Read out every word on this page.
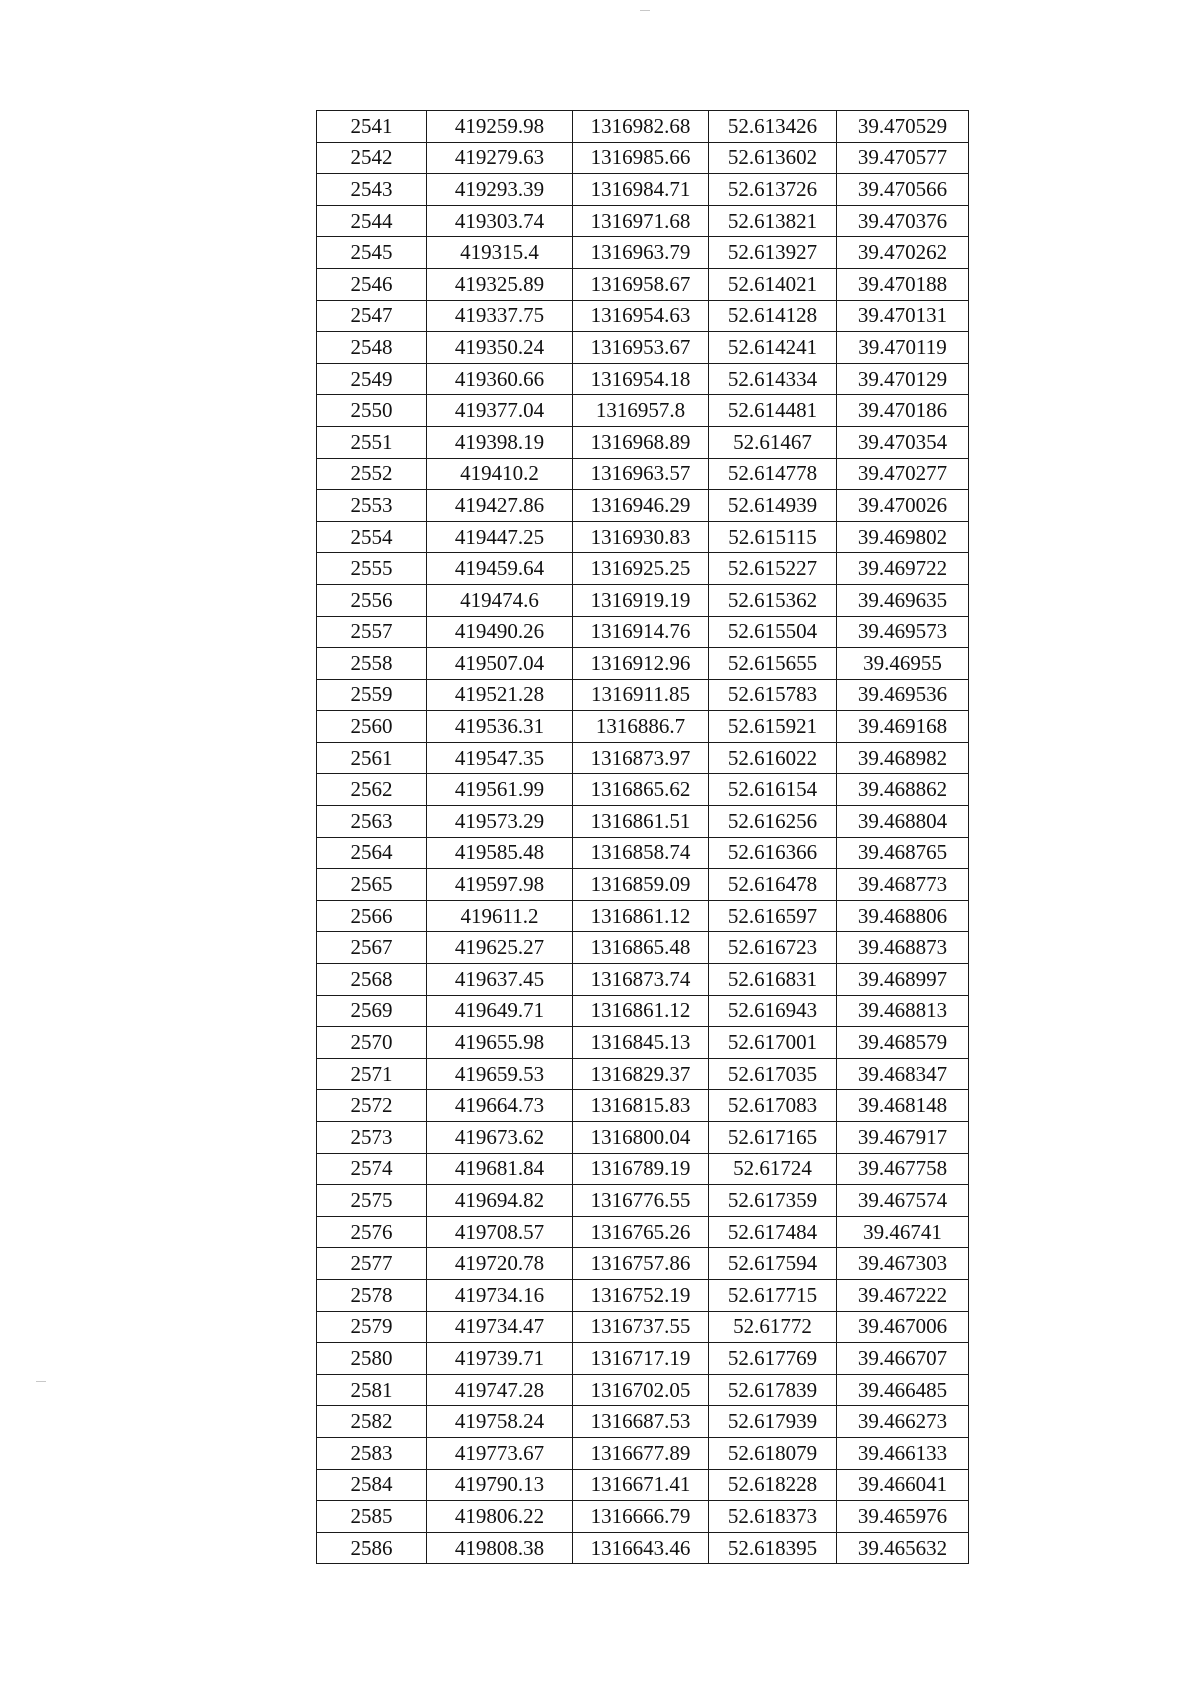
2541	419259.98	1316982.68	52.613426	39.470529
2542	419279.63	1316985.66	52.613602	39.470577
2543	419293.39	1316984.71	52.613726	39.470566
2544	419303.74	1316971.68	52.613821	39.470376
2545	419315.4	1316963.79	52.613927	39.470262
2546	419325.89	1316958.67	52.614021	39.470188
2547	419337.75	1316954.63	52.614128	39.470131
2548	419350.24	1316953.67	52.614241	39.470119
2549	419360.66	1316954.18	52.614334	39.470129
2550	419377.04	1316957.8	52.614481	39.470186
2551	419398.19	1316968.89	52.61467	39.470354
2552	419410.2	1316963.57	52.614778	39.470277
2553	419427.86	1316946.29	52.614939	39.470026
2554	419447.25	1316930.83	52.615115	39.469802
2555	419459.64	1316925.25	52.615227	39.469722
2556	419474.6	1316919.19	52.615362	39.469635
2557	419490.26	1316914.76	52.615504	39.469573
2558	419507.04	1316912.96	52.615655	39.46955
2559	419521.28	1316911.85	52.615783	39.469536
2560	419536.31	1316886.7	52.615921	39.469168
2561	419547.35	1316873.97	52.616022	39.468982
2562	419561.99	1316865.62	52.616154	39.468862
2563	419573.29	1316861.51	52.616256	39.468804
2564	419585.48	1316858.74	52.616366	39.468765
2565	419597.98	1316859.09	52.616478	39.468773
2566	419611.2	1316861.12	52.616597	39.468806
2567	419625.27	1316865.48	52.616723	39.468873
2568	419637.45	1316873.74	52.616831	39.468997
2569	419649.71	1316861.12	52.616943	39.468813
2570	419655.98	1316845.13	52.617001	39.468579
2571	419659.53	1316829.37	52.617035	39.468347
2572	419664.73	1316815.83	52.617083	39.468148
2573	419673.62	1316800.04	52.617165	39.467917
2574	419681.84	1316789.19	52.61724	39.467758
2575	419694.82	1316776.55	52.617359	39.467574
2576	419708.57	1316765.26	52.617484	39.46741
2577	419720.78	1316757.86	52.617594	39.467303
2578	419734.16	1316752.19	52.617715	39.467222
2579	419734.47	1316737.55	52.61772	39.467006
2580	419739.71	1316717.19	52.617769	39.466707
2581	419747.28	1316702.05	52.617839	39.466485
2582	419758.24	1316687.53	52.617939	39.466273
2583	419773.67	1316677.89	52.618079	39.466133
2584	419790.13	1316671.41	52.618228	39.466041
2585	419806.22	1316666.79	52.618373	39.465976
2586	419808.38	1316643.46	52.618395	39.465632
